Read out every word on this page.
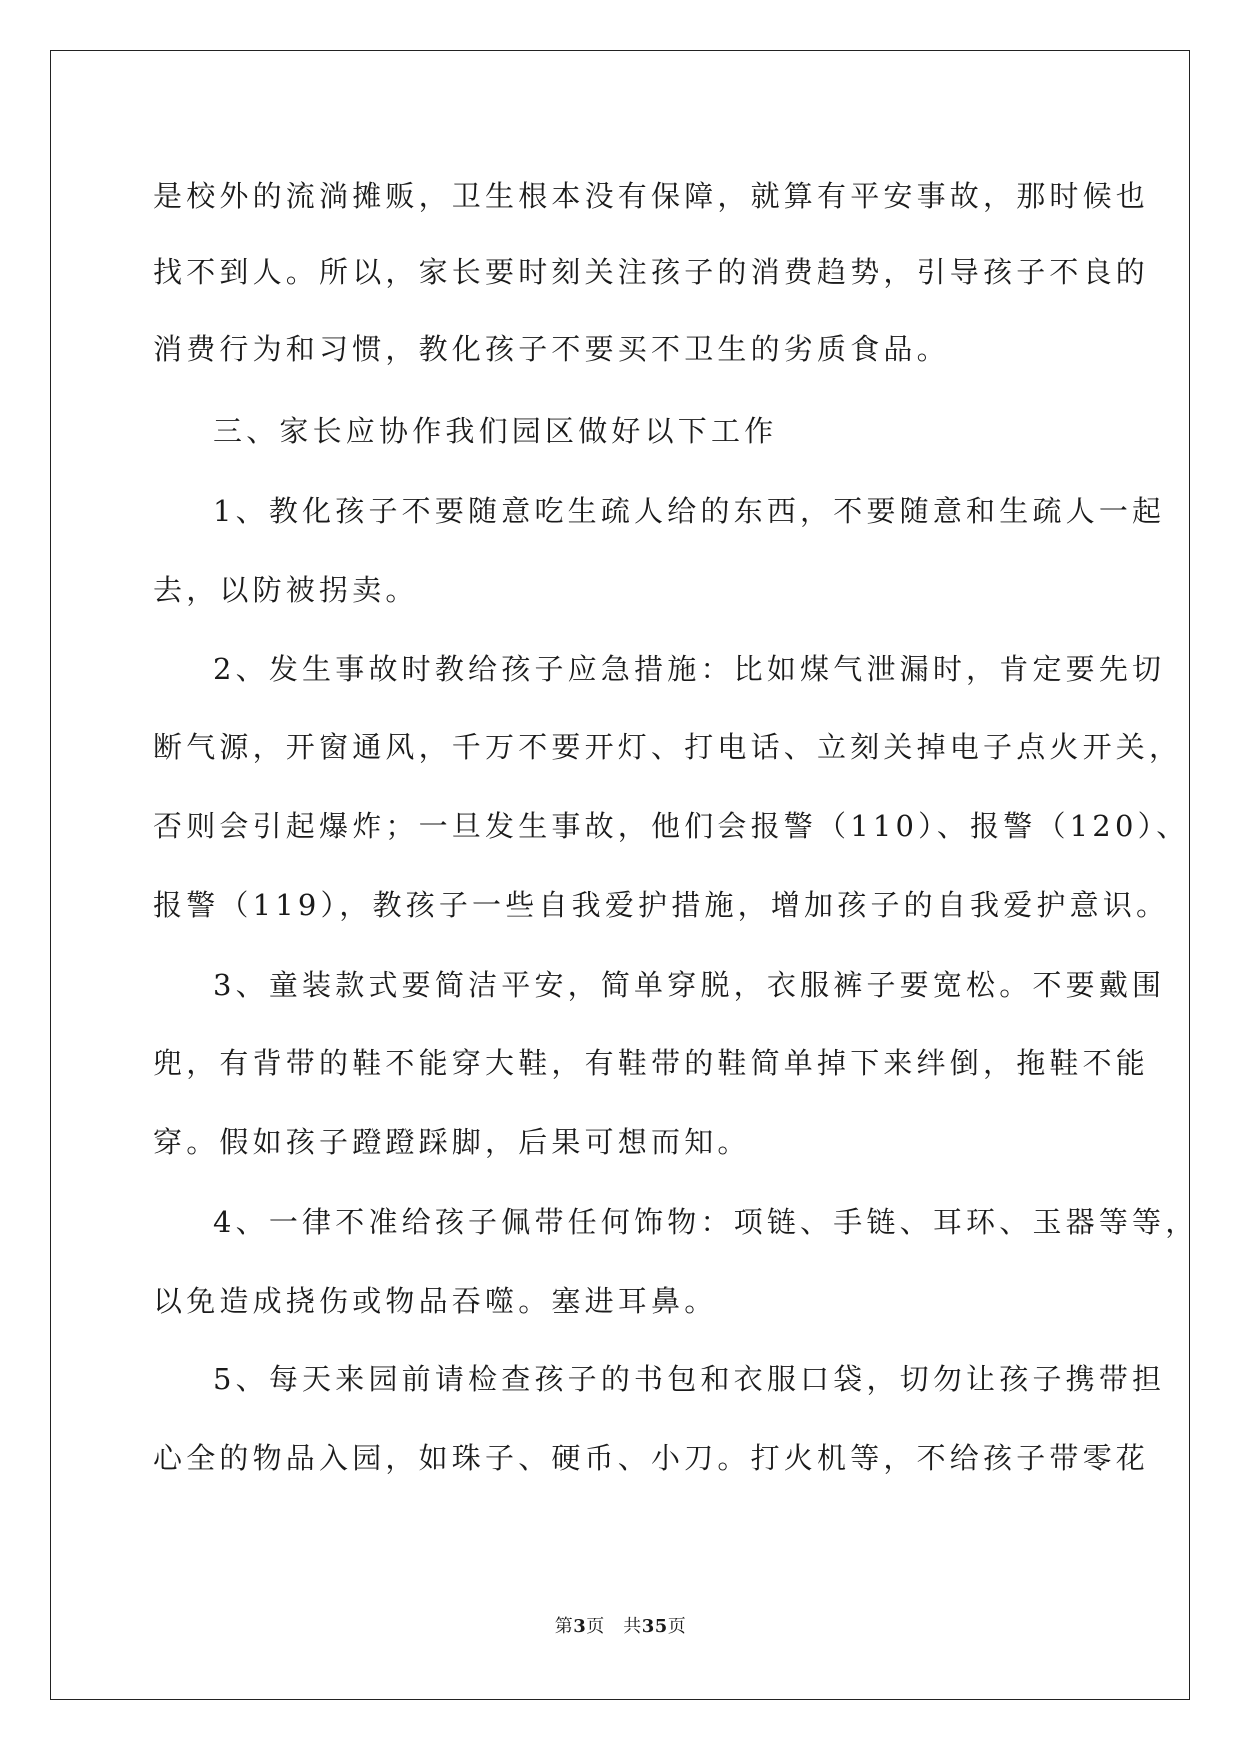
是校外的流淌摊贩，卫生根本没有保障，就算有平安事故，那时候也
找不到人。所以，家长要时刻关注孩子的消费趋势，引导孩子不良的
消费行为和习惯，教化孩子不要买不卫生的劣质食品。
三、家长应协作我们园区做好以下工作
1、教化孩子不要随意吃生疏人给的东西，不要随意和生疏人一起
去，以防被拐卖。
2、发生事故时教给孩子应急措施：比如煤气泄漏时，肯定要先切
断气源，开窗通风，千万不要开灯、打电话、立刻关掉电子点火开关，
否则会引起爆炸；一旦发生事故，他们会报警（110）、报警（120）、
报警（119），教孩子一些自我爱护措施，增加孩子的自我爱护意识。
3、童装款式要简洁平安，简单穿脱，衣服裤子要宽松。不要戴围
兜，有背带的鞋不能穿大鞋，有鞋带的鞋简单掉下来绊倒，拖鞋不能
穿。假如孩子蹬蹬踩脚，后果可想而知。
4、一律不准给孩子佩带任何饰物：项链、手链、耳环、玉器等等，
以免造成挠伤或物品吞噬。塞进耳鼻。
5、每天来园前请检查孩子的书包和衣服口袋，切勿让孩子携带担
心全的物品入园，如珠子、硬币、小刀。打火机等，不给孩子带零花
第3页　共35页
